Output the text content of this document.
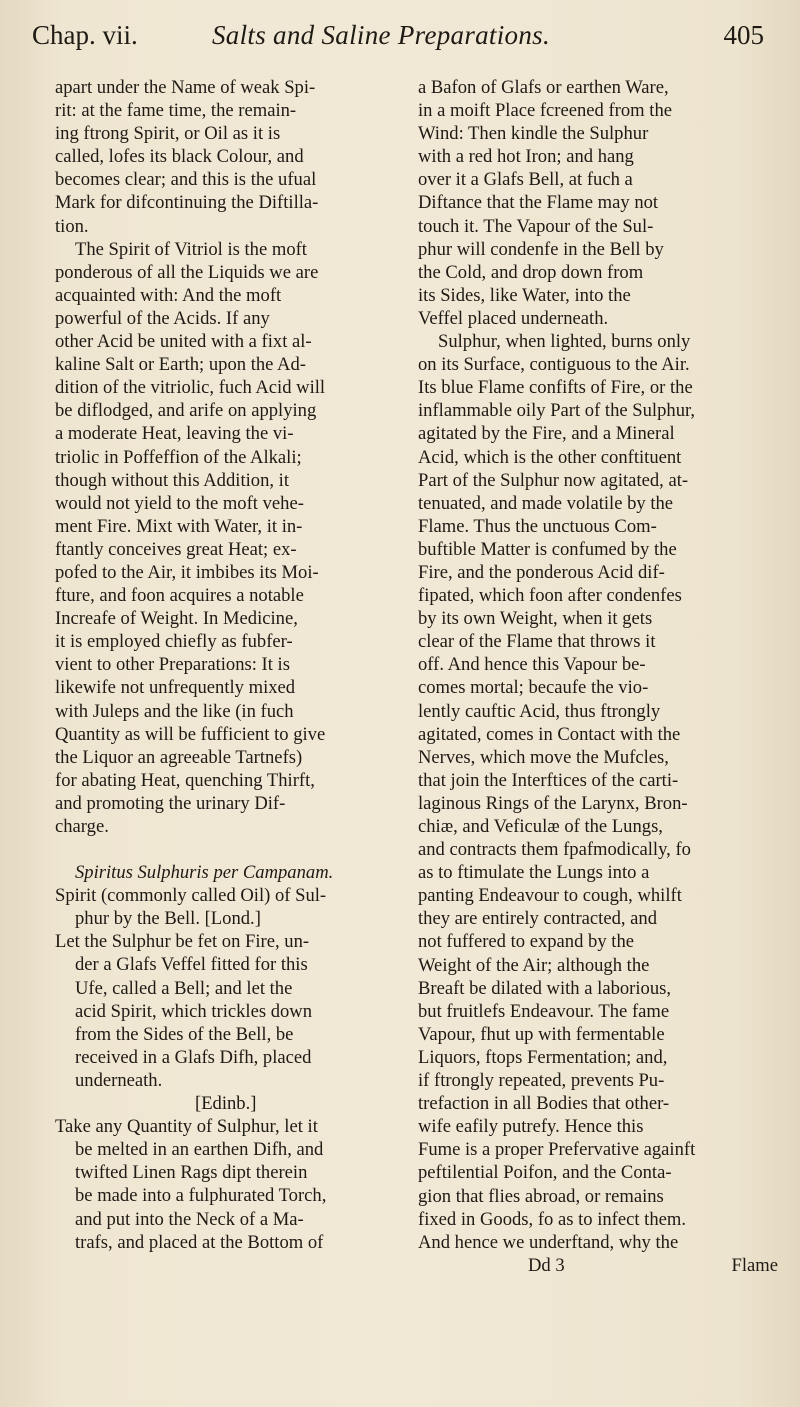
Chap. vii.	Salts and Saline Preparations.	405
apart under the Name of weak Spi-
rit: at the fame time, the remain-
ing ftrong Spirit, or Oil as it is
called, lofes its black Colour, and
becomes clear; and this is the ufual
Mark for difcontinuing the Diftilla-
tion.
The Spirit of Vitriol is the moft
ponderous of all the Liquids we are
acquainted with: And the moft
powerful of the Acids. If any
other Acid be united with a fixt al-
kaline Salt or Earth; upon the Ad-
dition of the vitriolic, fuch Acid will
be diflodged, and arife on applying
a moderate Heat, leaving the vi-
triolic in Poffeffion of the Alkali;
though without this Addition, it
would not yield to the moft vehe-
ment Fire. Mixt with Water, it in-
ftantly conceives great Heat; ex-
pofed to the Air, it imbibes its Moi-
fture, and foon acquires a notable
Increafe of Weight. In Medicine,
it is employed chiefly as fubfer-
vient to other Preparations: It is
likewife not unfrequently mixed
with Juleps and the like (in fuch
Quantity as will be fufficient to give
the Liquor an agreeable Tartnefs)
for abating Heat, quenching Thirft,
and promoting the urinary Dif-
charge.
Spiritus Sulphuris per Campanam.
Spirit (commonly called Oil) of Sul-
phur by the Bell. [Lond.]
Let the Sulphur be fet on Fire, un-
der a Glafs Veffel fitted for this
Ufe, called a Bell; and let the
acid Spirit, which trickles down
from the Sides of the Bell, be
received in a Glafs Difh, placed
underneath.
[Edinb.]
Take any Quantity of Sulphur, let it
be melted in an earthen Difh, and
twifted Linen Rags dipt therein
be made into a fulphurated Torch,
and put into the Neck of a Ma-
trafs, and placed at the Bottom of
a Bafon of Glafs or earthen Ware,
in a moift Place fcreened from the
Wind: Then kindle the Sulphur
with a red hot Iron; and hang
over it a Glafs Bell, at fuch a
Diftance that the Flame may not
touch it. The Vapour of the Sul-
phur will condenfe in the Bell by
the Cold, and drop down from
its Sides, like Water, into the
Veffel placed underneath.
Sulphur, when lighted, burns only
on its Surface, contiguous to the Air.
Its blue Flame confifts of Fire, or the
inflammable oily Part of the Sulphur,
agitated by the Fire, and a Mineral
Acid, which is the other conftituent
Part of the Sulphur now agitated, at-
tenuated, and made volatile by the
Flame. Thus the unctuous Com-
buftible Matter is confumed by the
Fire, and the ponderous Acid dif-
fipated, which foon after condenfes
by its own Weight, when it gets
clear of the Flame that throws it
off. And hence this Vapour be-
comes mortal; becaufe the vio-
lently cauftic Acid, thus ftrongly
agitated, comes in Contact with the
Nerves, which move the Mufcles,
that join the Interftices of the carti-
laginous Rings of the Larynx, Bron-
chiæ, and Veficulæ of the Lungs,
and contracts them fpafmodically, fo
as to ftimulate the Lungs into a
panting Endeavour to cough, whilft
they are entirely contracted, and
not fuffered to expand by the
Weight of the Air; although the
Breaft be dilated with a laborious,
but fruitlefs Endeavour. The fame
Vapour, fhut up with fermentable
Liquors, ftops Fermentation; and,
if ftrongly repeated, prevents Pu-
trefaction in all Bodies that other-
wife eafily putrefy. Hence this
Fume is a proper Prefervative againft
peftilential Poifon, and the Conta-
gion that flies abroad, or remains
fixed in Goods, fo as to infect them.
And hence we underftand, why the
Dd 3	Flame
